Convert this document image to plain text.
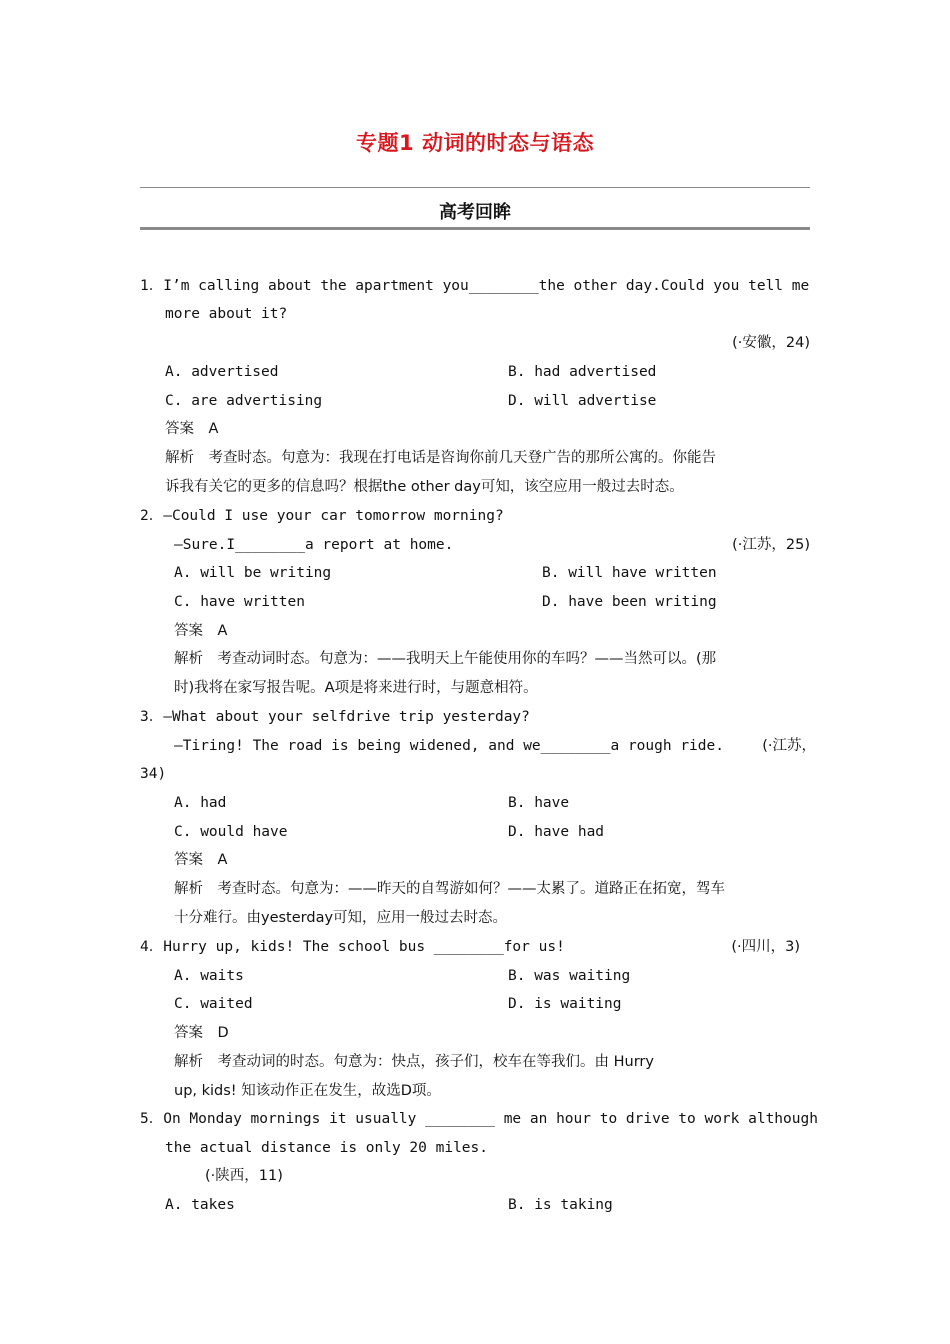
专题1 动词的时态与语态
高考回眸
1．I’m calling about the apartment you________the other day.Could you tell me
more about it?
(·安徽，24)
A. advertised	B. had advertised
C. are advertising	D. will advertise
答案　A
解析　考查时态。句意为：我现在打电话是咨询你前几天登广告的那所公寓的。你能告
诉我有关它的更多的信息吗？根据the other day可知，该空应用一般过去时态。
2．—Could I use your car tomorrow morning?
—Sure.I________a report at home.	(·江苏，25)
A. will be writing	B. will have written
C. have written	D. have been writing
答案　A
解析　考查动词时态。句意为：——我明天上午能使用你的车吗？——当然可以。(那
时)我将在家写报告呢。A项是将来进行时，与题意相符。
3．—What about your selfdrive trip yesterday?
—Tiring! The road is being widened, and we________a rough ride.	(·江苏，
34)
A. had	B. have
C. would have	D. have had
答案　A
解析　考查时态。句意为：——昨天的自驾游如何？——太累了。道路正在拓宽，驾车
十分难行。由yesterday可知，应用一般过去时态。
4．Hurry up, kids! The school bus ________for us!	(·四川，3)
A. waits	B. was waiting
C. waited	D. is waiting
答案　D
解析　考查动词的时态。句意为：快点，孩子们，校车在等我们。由 Hurry
up, kids! 知该动作正在发生，故选D项。
5．On Monday mornings it usually ________ me an hour to drive to work although
the actual distance is only 20 miles.
(·陕西，11)
A. takes	B. is taking
